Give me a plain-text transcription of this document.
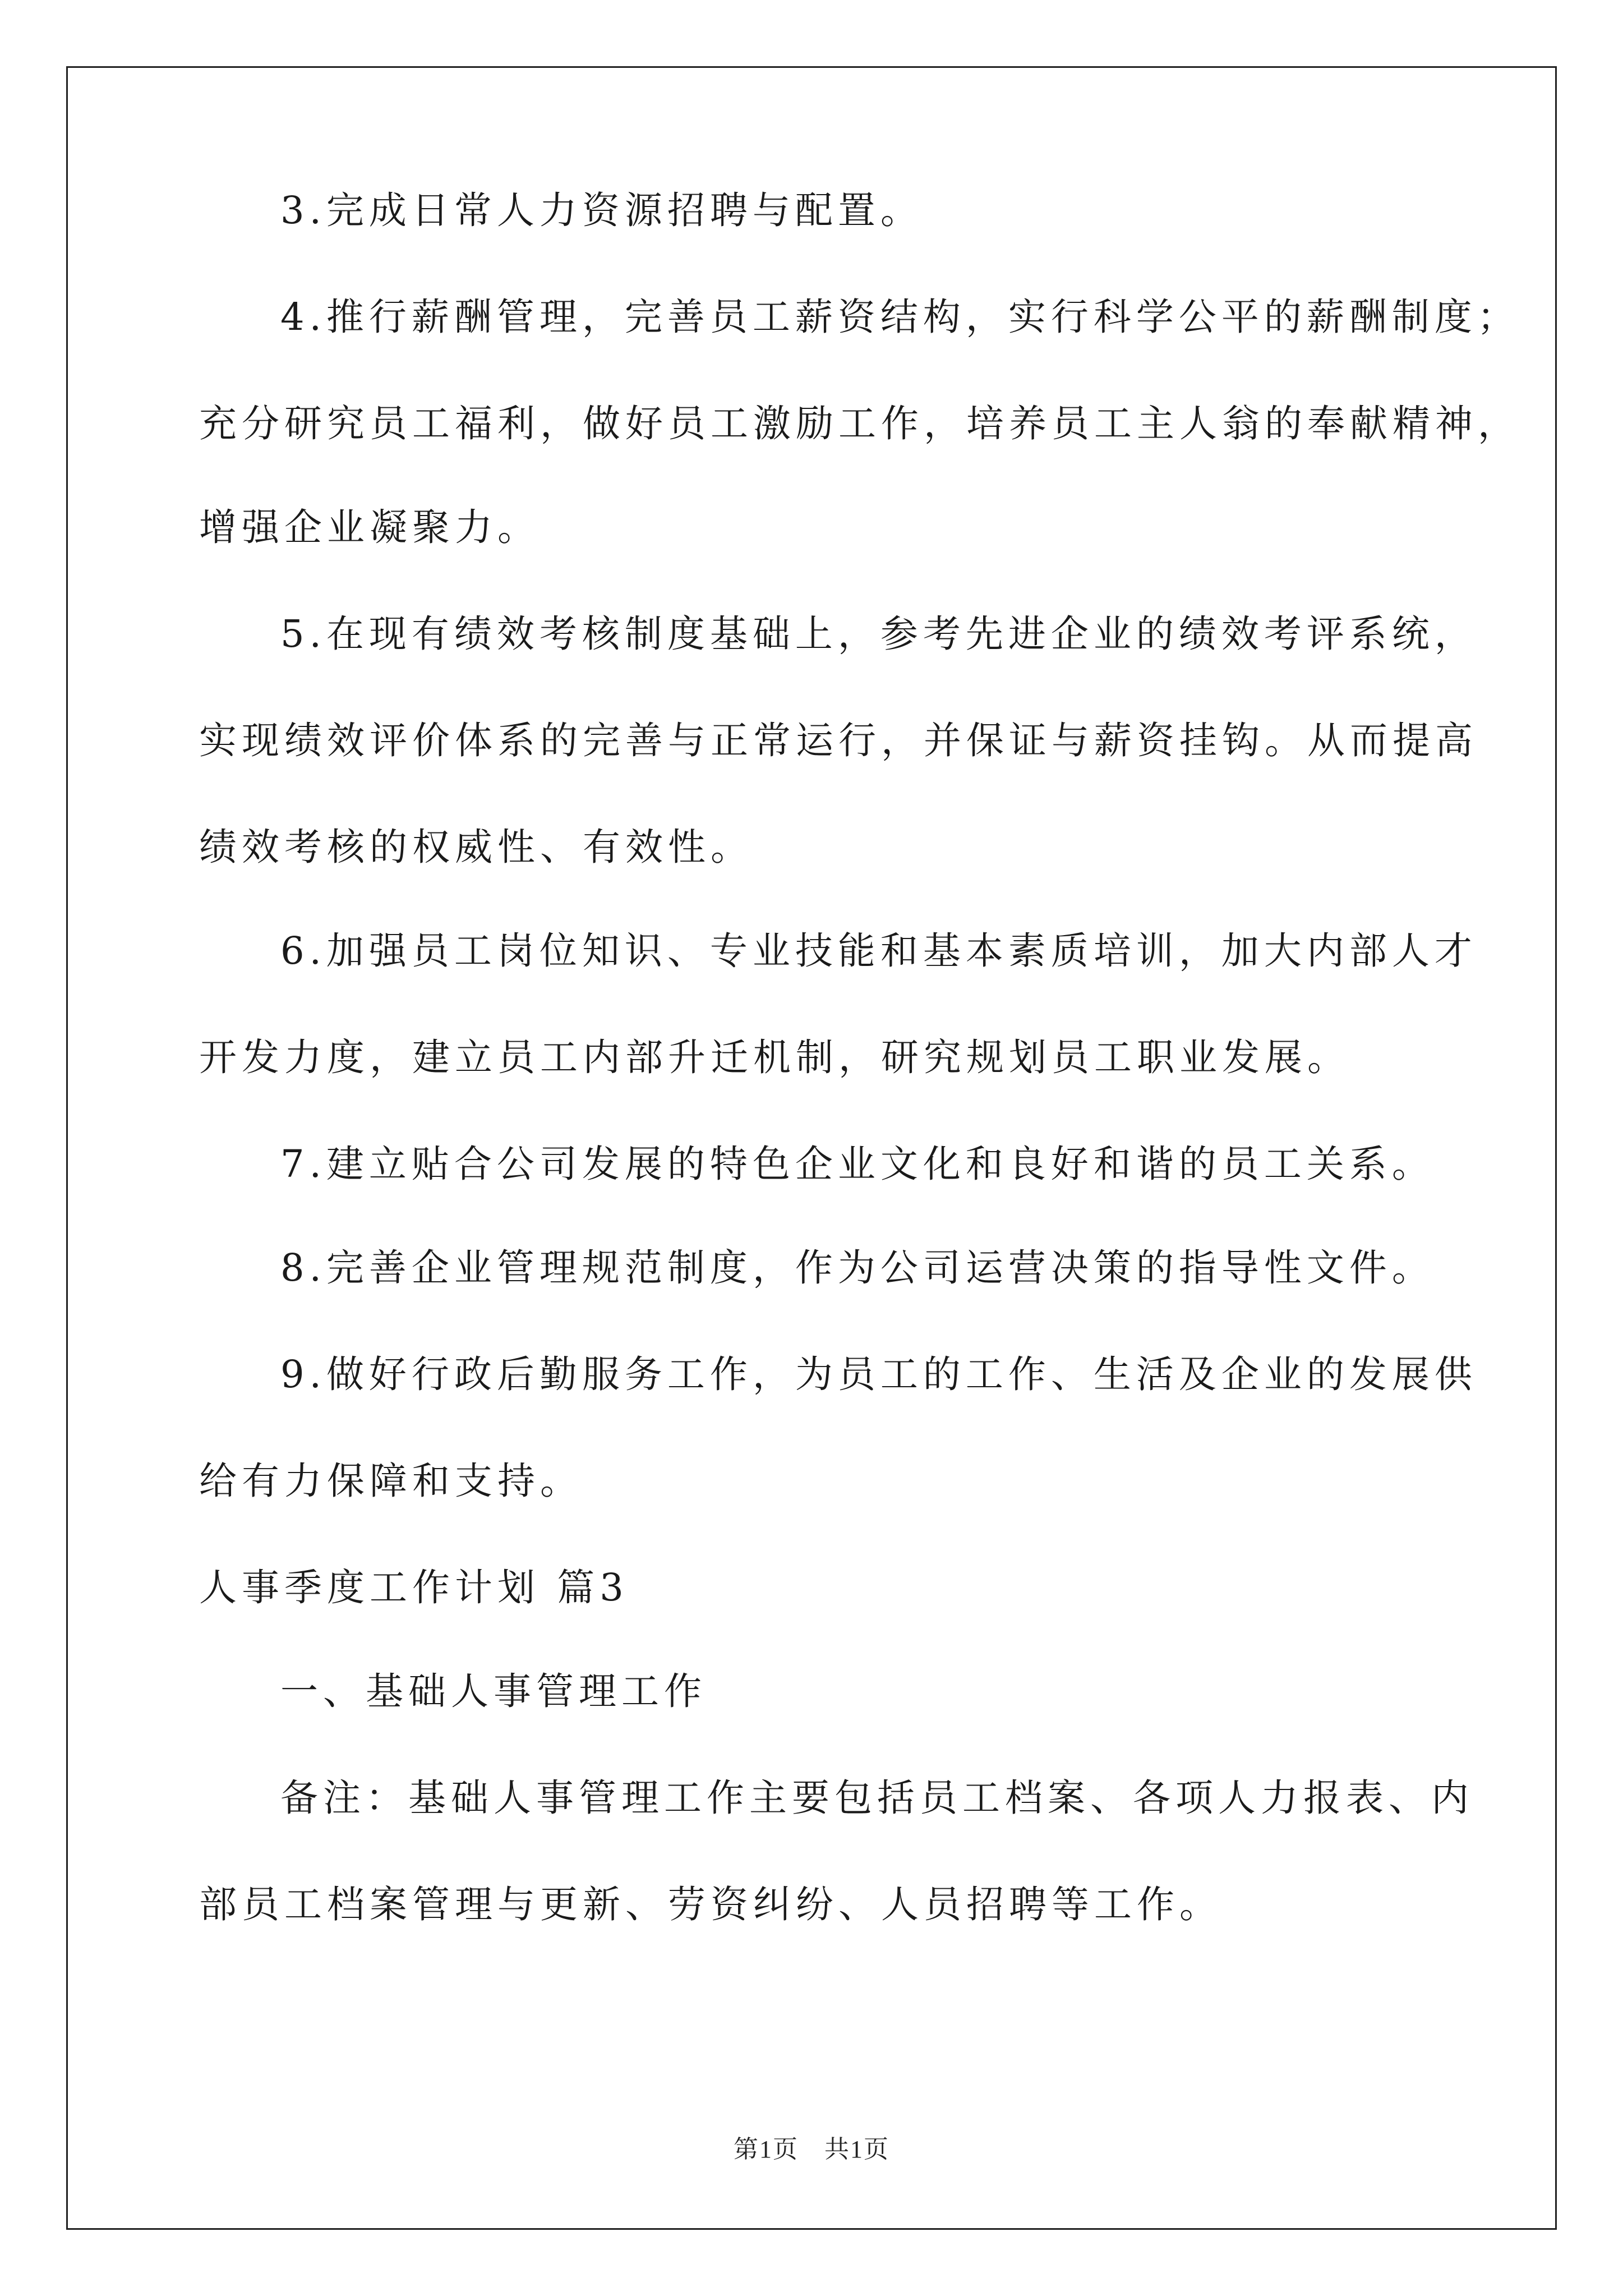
3.完成日常人力资源招聘与配置。
4.推行薪酬管理，完善员工薪资结构，实行科学公平的薪酬制度；
充分研究员工福利，做好员工激励工作，培养员工主人翁的奉献精神，
增强企业凝聚力。
5.在现有绩效考核制度基础上，参考先进企业的绩效考评系统，
实现绩效评价体系的完善与正常运行，并保证与薪资挂钩。从而提高
绩效考核的权威性、有效性。
6.加强员工岗位知识、专业技能和基本素质培训，加大内部人才
开发力度，建立员工内部升迁机制，研究规划员工职业发展。
7.建立贴合公司发展的特色企业文化和良好和谐的员工关系。
8.完善企业管理规范制度，作为公司运营决策的指导性文件。
9.做好行政后勤服务工作，为员工的工作、生活及企业的发展供
给有力保障和支持。
人事季度工作计划 篇3
一、基础人事管理工作
备注：基础人事管理工作主要包括员工档案、各项人力报表、内
部员工档案管理与更新、劳资纠纷、人员招聘等工作。
第1页　共1页
